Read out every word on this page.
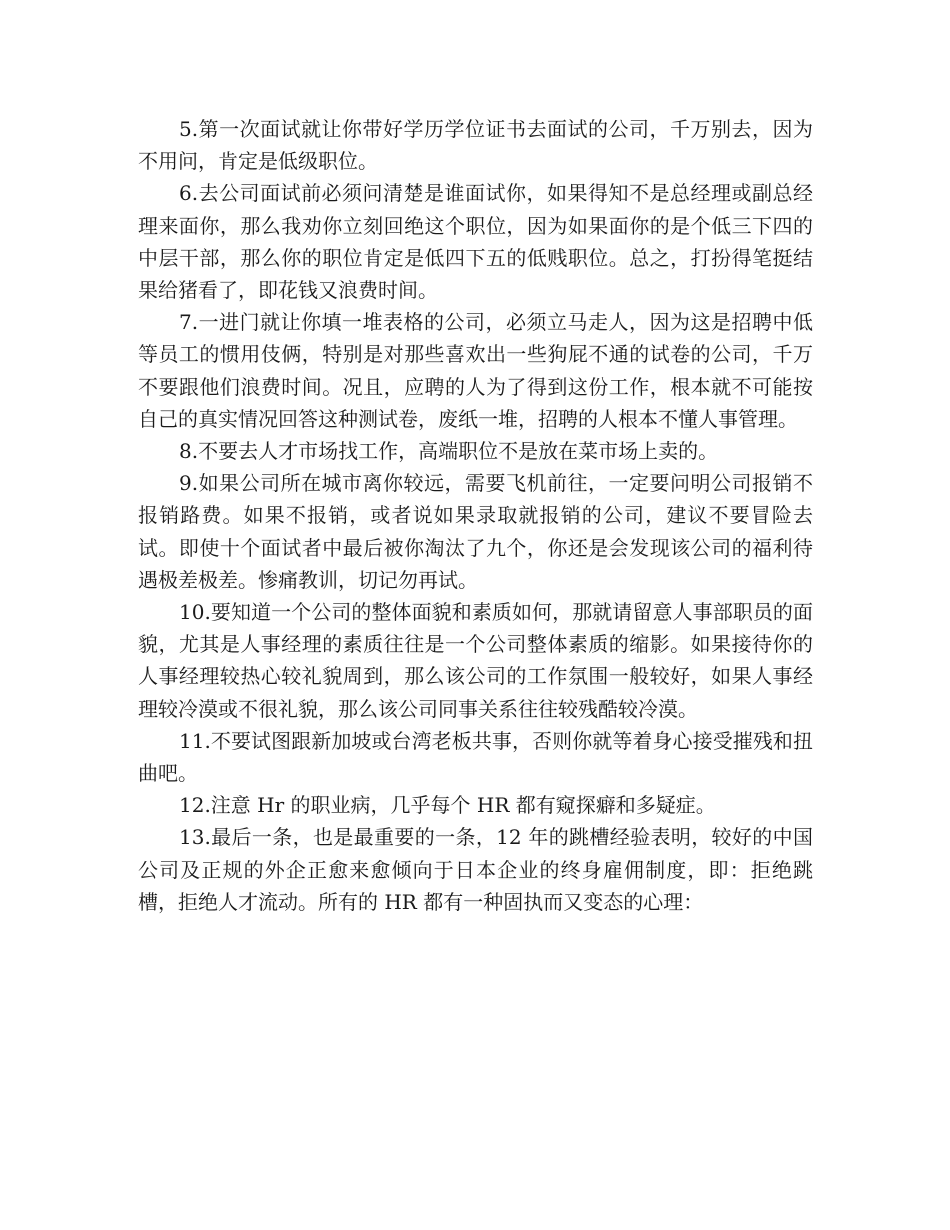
5.第一次面试就让你带好学历学位证书去面试的公司，千万别去，因为不用问，肯定是低级职位。

6.去公司面试前必须问清楚是谁面试你，如果得知不是总经理或副总经理来面你，那么我劝你立刻回绝这个职位，因为如果面你的是个低三下四的中层干部，那么你的职位肯定是低四下五的低贱职位。总之，打扮得笔挺结果给猪看了，即花钱又浪费时间。

7.一进门就让你填一堆表格的公司，必须立马走人，因为这是招聘中低等员工的惯用伎俩，特别是对那些喜欢出一些狗屁不通的试卷的公司，千万不要跟他们浪费时间。况且，应聘的人为了得到这份工作，根本就不可能按自己的真实情况回答这种测试卷，废纸一堆，招聘的人根本不懂人事管理。

8.不要去人才市场找工作，高端职位不是放在菜市场上卖的。

9.如果公司所在城市离你较远，需要飞机前往，一定要问明公司报销不报销路费。如果不报销，或者说如果录取就报销的公司，建议不要冒险去试。即使十个面试者中最后被你淘汰了九个，你还是会发现该公司的福利待遇极差极差。惨痛教训，切记勿再试。

10.要知道一个公司的整体面貌和素质如何，那就请留意人事部职员的面貌，尤其是人事经理的素质往往是一个公司整体素质的缩影。如果接待你的人事经理较热心较礼貌周到，那么该公司的工作氛围一般较好，如果人事经理较冷漠或不很礼貌，那么该公司同事关系往往较残酷较冷漠。

11.不要试图跟新加坡或台湾老板共事，否则你就等着身心接受摧残和扭曲吧。

12.注意 Hr 的职业病，几乎每个 HR 都有窥探癖和多疑症。

13.最后一条，也是最重要的一条，12 年的跳槽经验表明，较好的中国公司及正规的外企正愈来愈倾向于日本企业的终身雇佣制度，即：拒绝跳槽，拒绝人才流动。所有的 HR 都有一种固执而又变态的心理：
